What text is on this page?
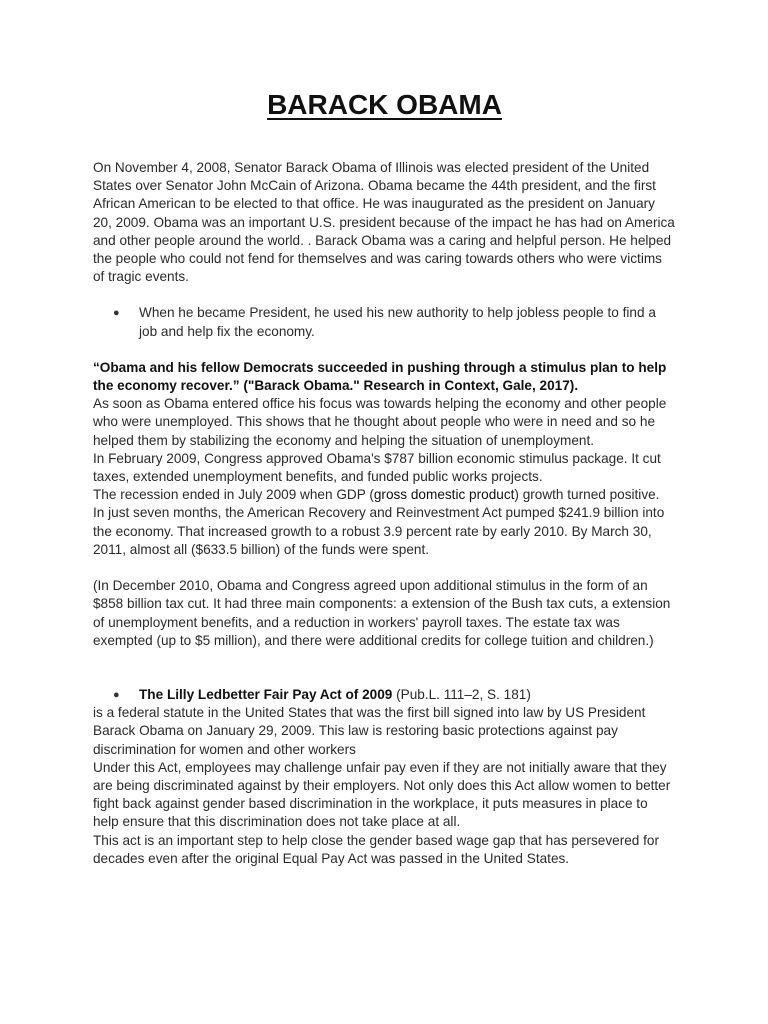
BARACK OBAMA

On November 4, 2008, Senator Barack Obama of Illinois was elected president of the United States over Senator John McCain of Arizona. Obama became the 44th president, and the first African American to be elected to that office. He was inaugurated as the president on January 20, 2009. Obama was an important U.S. president because of the impact he has had on America and other people around the world. . Barack Obama was a caring and helpful person. He helped the people who could not fend for themselves and was caring towards others who were victims of tragic events.

● When he became President, he used his new authority to help jobless people to find a job and help fix the economy.

“Obama and his fellow Democrats succeeded in pushing through a stimulus plan to help the economy recover.” ("Barack Obama." Research in Context, Gale, 2017).

As soon as Obama entered office his focus was towards helping the economy and other people who were unemployed. This shows that he thought about people who were in need and so he helped them by stabilizing the economy and helping the situation of unemployment.

In February 2009, Congress approved Obama's $787 billion economic stimulus package. It cut taxes, extended unemployment benefits, and funded public works projects.

The recession ended in July 2009 when GDP (gross domestic product) growth turned positive.

In just seven months, the American Recovery and Reinvestment Act pumped $241.9 billion into the economy. That increased growth to a robust 3.9 percent rate by early 2010. By March 30, 2011, almost all ($633.5 billion) of the funds were spent.

(In December 2010, Obama and Congress agreed upon additional stimulus in the form of an $858 billion tax cut. It had three main components: a extension of the Bush tax cuts, a extension of unemployment benefits, and a reduction in workers' payroll taxes. The estate tax was exempted (up to $5 million), and there were additional credits for college tuition and children.)

● The Lilly Ledbetter Fair Pay Act of 2009 (Pub.L. 111–2, S. 181)

is a federal statute in the United States that was the first bill signed into law by US President Barack Obama on January 29, 2009. This law is restoring basic protections against pay discrimination for women and other workers

Under this Act, employees may challenge unfair pay even if they are not initially aware that they are being discriminated against by their employers. Not only does this Act allow women to better fight back against gender based discrimination in the workplace, it puts measures in place to help ensure that this discrimination does not take place at all.

This act is an important step to help close the gender based wage gap that has persevered for decades even after the original Equal Pay Act was passed in the United States.
